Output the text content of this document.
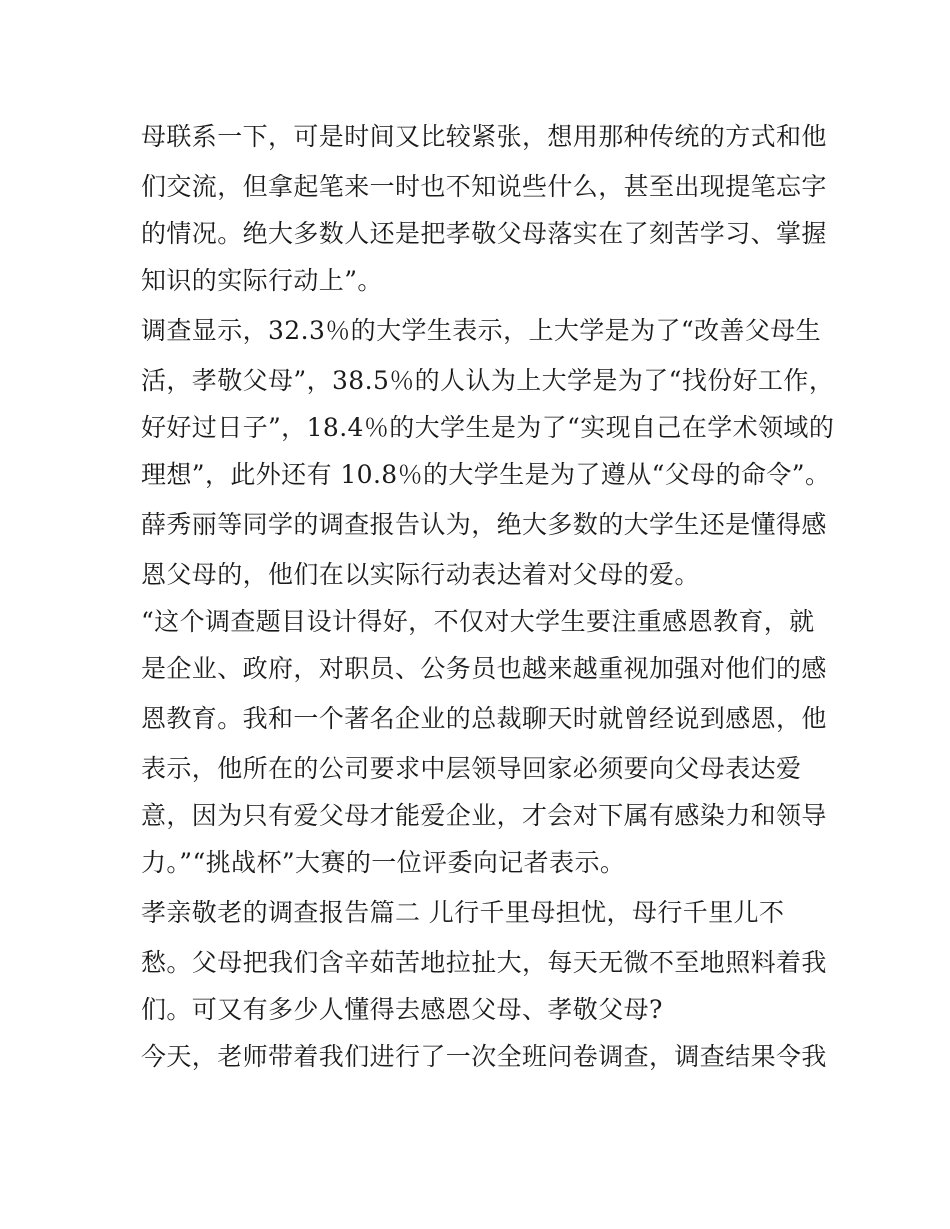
母联系一下，可是时间又比较紧张，想用那种传统的方式和他
们交流，但拿起笔来一时也不知说些什么，甚至出现提笔忘字
的情况。绝大多数人还是把孝敬父母落实在了刻苦学习、掌握
知识的实际行动上”。
调查显示，32.3％的大学生表示，上大学是为了“改善父母生
活，孝敬父母”，38.5％的人认为上大学是为了“找份好工作，
好好过日子”，18.4％的大学生是为了“实现自己在学术领域的
理想”，此外还有 10.8％的大学生是为了遵从“父母的命令”。
薛秀丽等同学的调查报告认为，绝大多数的大学生还是懂得感
恩父母的，他们在以实际行动表达着对父母的爱。
“这个调查题目设计得好，不仅对大学生要注重感恩教育，就
是企业、政府，对职员、公务员也越来越重视加强对他们的感
恩教育。我和一个著名企业的总裁聊天时就曾经说到感恩，他
表示，他所在的公司要求中层领导回家必须要向父母表达爱
意，因为只有爱父母才能爱企业，才会对下属有感染力和领导
力。”“挑战杯”大赛的一位评委向记者表示。
孝亲敬老的调查报告篇二 儿行千里母担忧，母行千里儿不
愁。父母把我们含辛茹苦地拉扯大，每天无微不至地照料着我
们。可又有多少人懂得去感恩父母、孝敬父母?
今天，老师带着我们进行了一次全班问卷调查，调查结果令我
